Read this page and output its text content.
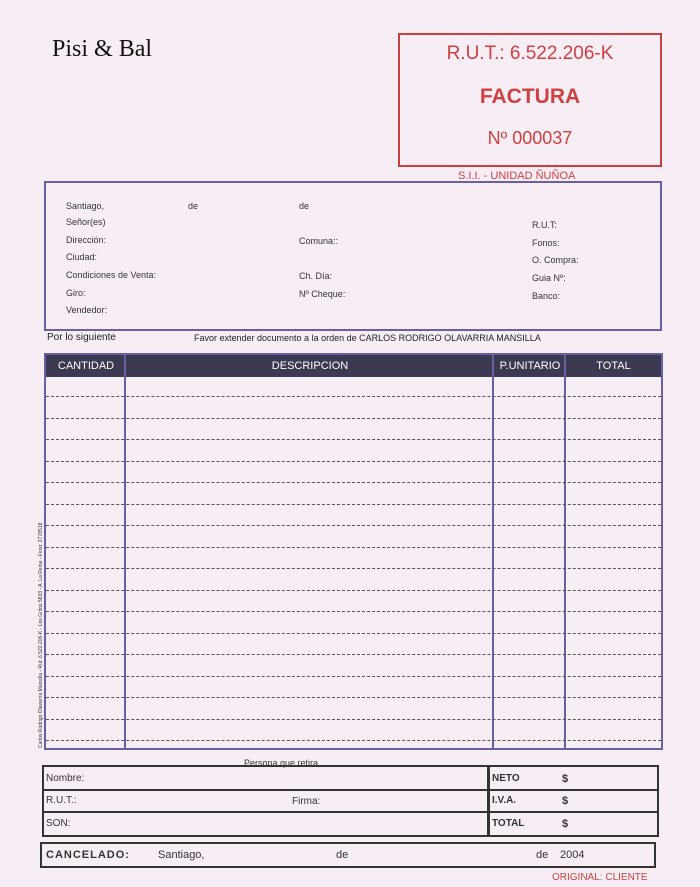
Pisi & Bal	R.U.T.: 6.522.206-K
FACTURA
Nº 000037
S.I.I. - UNIDAD ÑUÑOA
Santiago,	de	de
Señor(es)
Dirección:
Ciudad:
Condiciones de Venta:
Giro:
Vendedor:
Comuna::
Ch. Día:
Nº Cheque:
R.U.T:
Fonos:
O. Compra:
Guia Nº:
Banco:
Por lo siguiente	Favor extender documento a la orden de CARLOS RODRIGO OLAVARRIA MANSILLA
CANTIDAD	DESCRIPCION	P.UNITARIO	TOTAL
Carlos Rodrigo Olavarría Mansilla - Rut: 6.522.206-K - Los Gritos 5833 - A. La Reina - Fono: 2778518
Persona que retira
Nombre:
R.U.T.:	Firma:
SON:
NETO	$
I.V.A.	$
TOTAL	$
CANCELADO:	Santiago,	de	de 2004
ORIGINAL: CLIENTE
